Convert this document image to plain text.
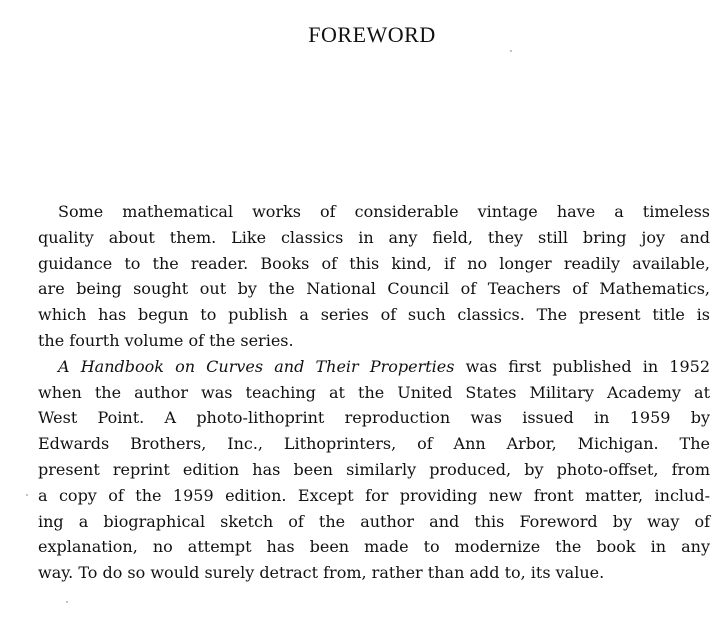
FOREWORD
Some mathematical works of considerable vintage have a timeless
quality about them. Like classics in any field, they still bring joy and
guidance to the reader. Books of this kind, if no longer readily available,
are being sought out by the National Council of Teachers of Mathematics,
which has begun to publish a series of such classics. The present title is
the fourth volume of the series.
A Handbook on Curves and Their Properties was first published in 1952
when the author was teaching at the United States Military Academy at
West Point. A photo-lithoprint reproduction was issued in 1959 by
Edwards Brothers, Inc., Lithoprinters, of Ann Arbor, Michigan. The
present reprint edition has been similarly produced, by photo-offset, from
a copy of the 1959 edition. Except for providing new front matter, includ-
ing a biographical sketch of the author and this Foreword by way of
explanation, no attempt has been made to modernize the book in any
way. To do so would surely detract from, rather than add to, its value.
